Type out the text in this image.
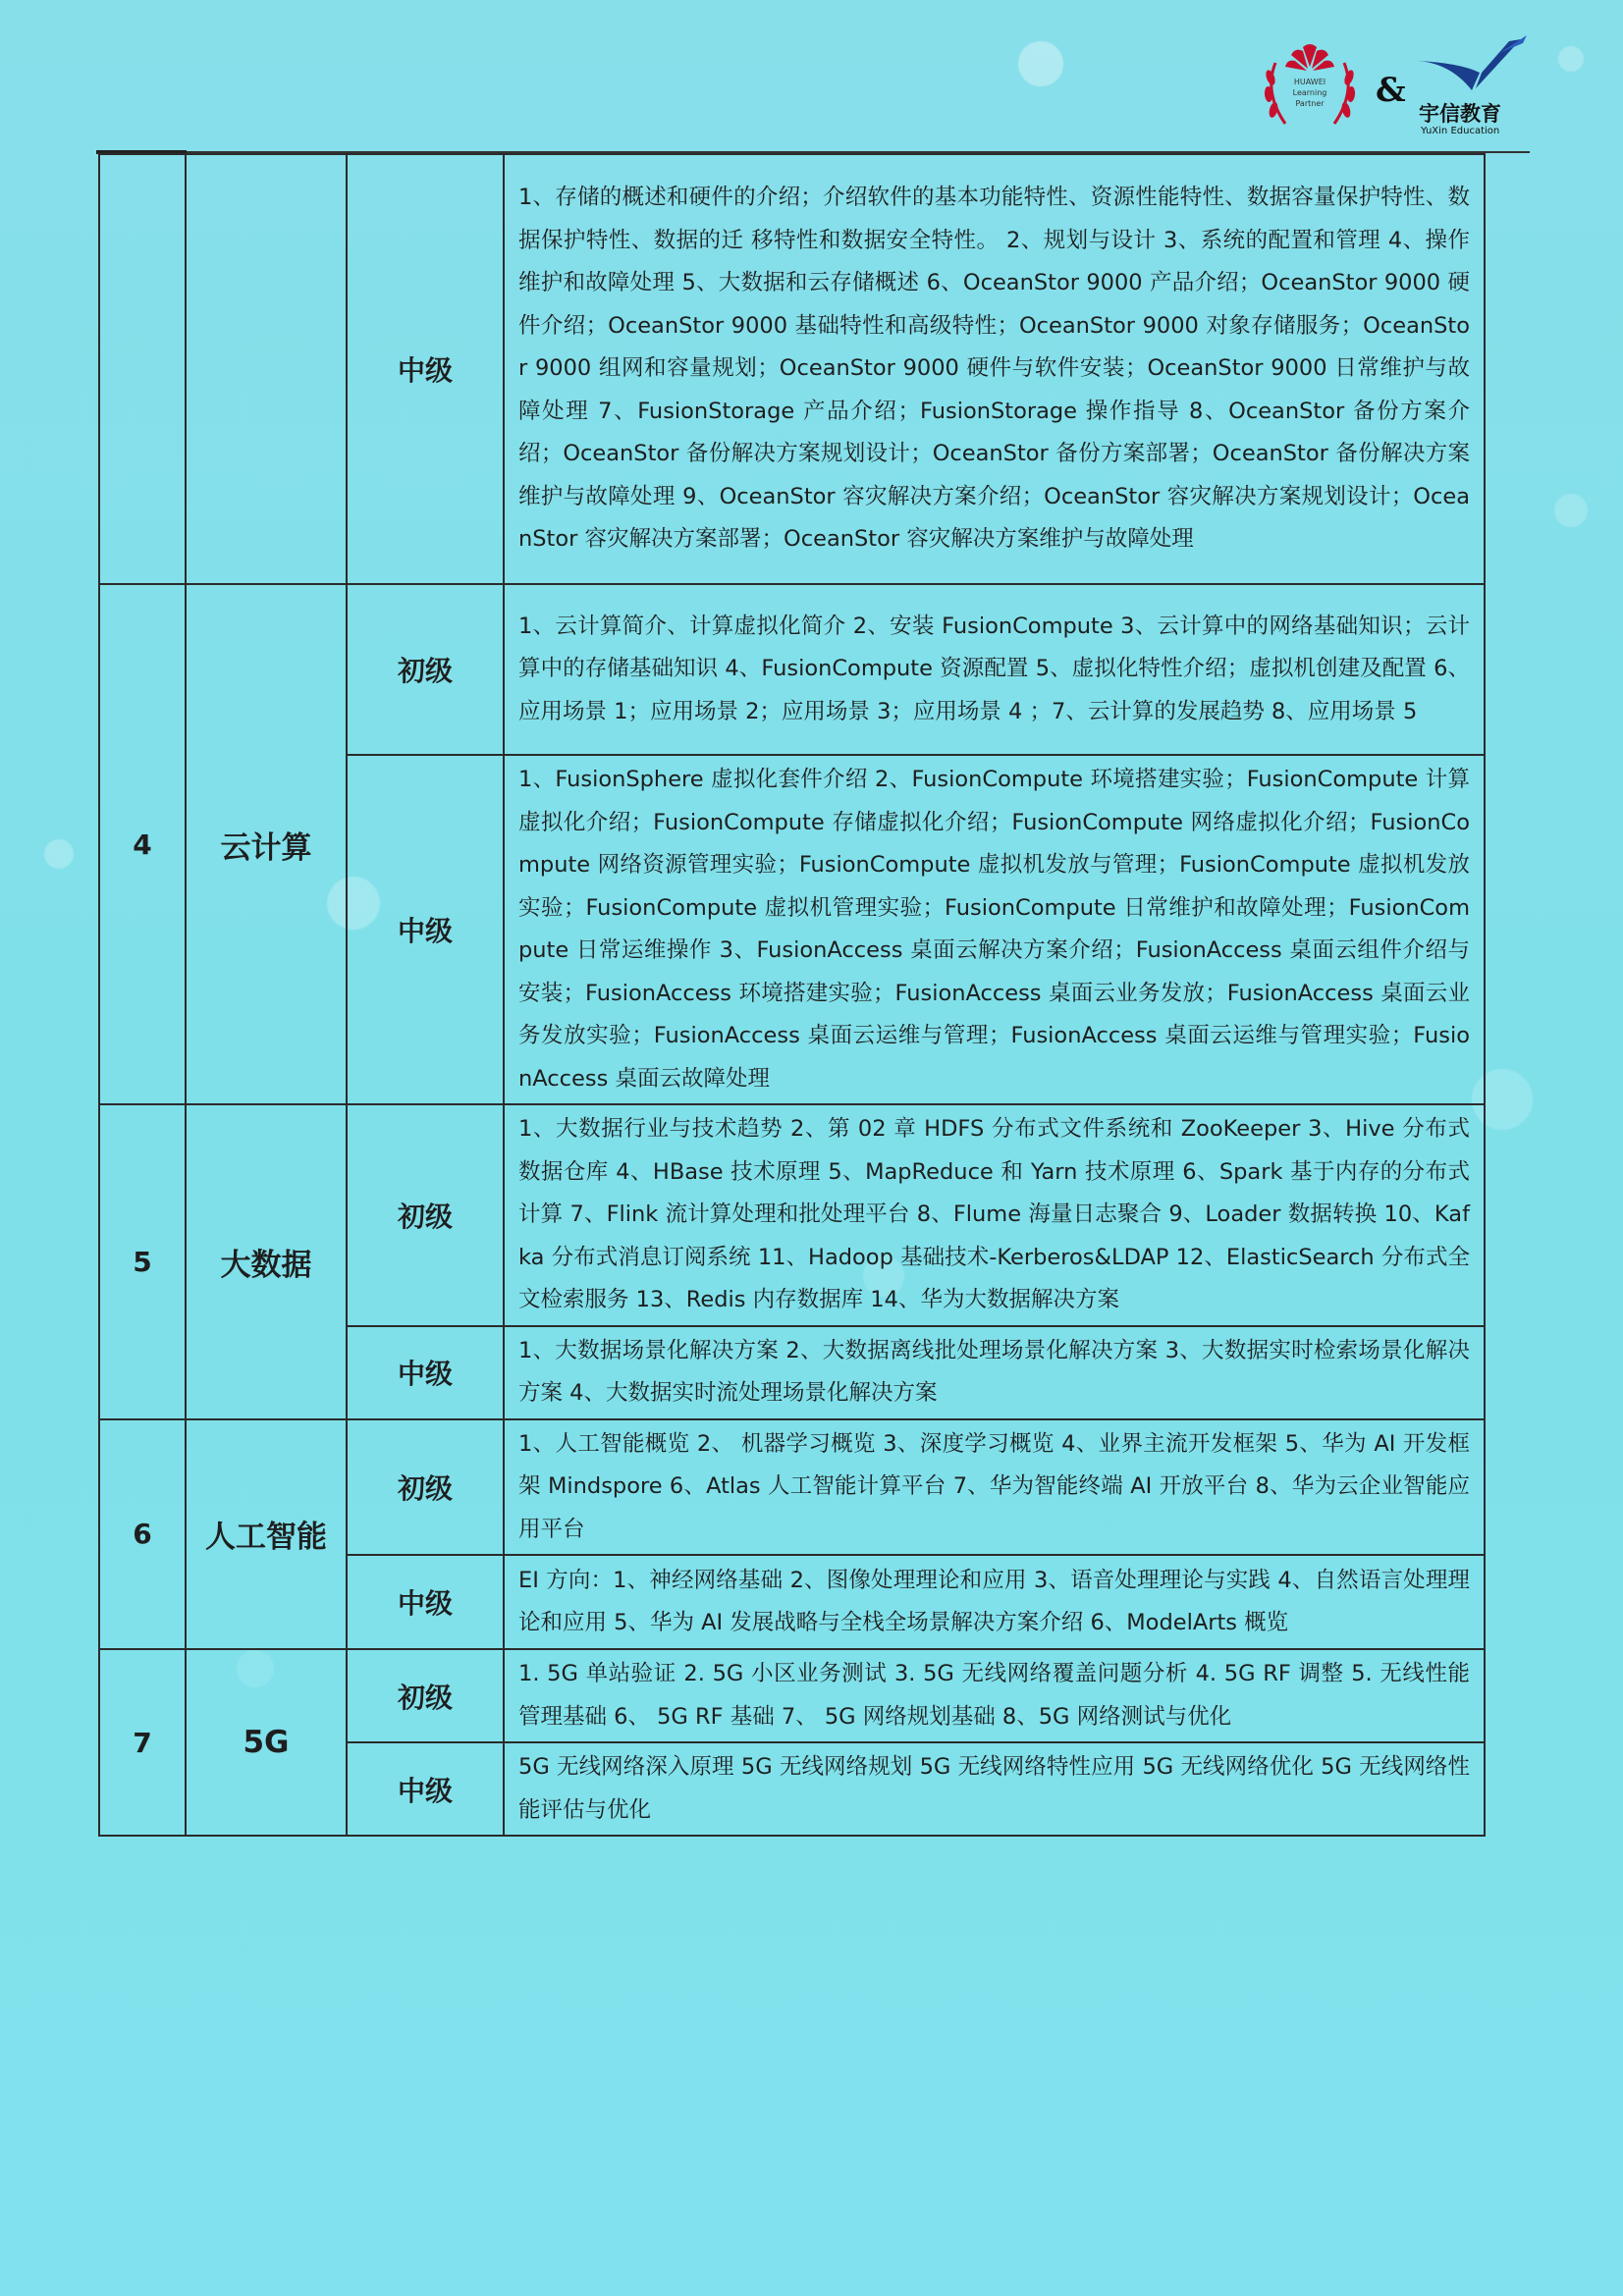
HUAWEI
Learning
Partner &
宇信教育
YuXin Education
		中级	1、存储的概述和硬件的介绍；介绍软件的基本功能特性、资源性能特性、数据容量保护特性、数据保护特性、数据的迁 移特性和数据安全特性。 2、规划与设计 3、系统的配置和管理 4、操作维护和故障处理 5、大数据和云存储概述 6、OceanStor 9000 产品介绍；OceanStor 9000 硬件介绍；OceanStor 9000 基础特性和高级特性；OceanStor 9000 对象存储服务；OceanStor 9000 组网和容量规划；OceanStor 9000 硬件与软件安装；OceanStor 9000 日常维护与故障处理 7、FusionStorage 产品介绍；FusionStorage 操作指导 8、OceanStor 备份方案介绍；OceanStor 备份解决方案规划设计；OceanStor 备份方案部署；OceanStor 备份解决方案维护与故障处理 9、OceanStor 容灾解决方案介绍；OceanStor 容灾解决方案规划设计；OceanStor 容灾解决方案部署；OceanStor 容灾解决方案维护与故障处理
4	云计算	初级	1、云计算简介、计算虚拟化简介 2、安装 FusionCompute 3、云计算中的网络基础知识；云计算中的存储基础知识 4、FusionCompute 资源配置 5、虚拟化特性介绍；虚拟机创建及配置 6、应用场景 1；应用场景 2；应用场景 3；应用场景 4 ；7、云计算的发展趋势 8、应用场景 5
		中级	1、FusionSphere 虚拟化套件介绍 2、FusionCompute 环境搭建实验；FusionCompute 计算虚拟化介绍；FusionCompute 存储虚拟化介绍；FusionCompute 网络虚拟化介绍；FusionCompute 网络资源管理实验；FusionCompute 虚拟机发放与管理；FusionCompute 虚拟机发放实验；FusionCompute 虚拟机管理实验；FusionCompute 日常维护和故障处理；FusionCompute 日常运维操作 3、FusionAccess 桌面云解决方案介绍；FusionAccess 桌面云组件介绍与安装；FusionAccess 环境搭建实验；FusionAccess 桌面云业务发放；FusionAccess 桌面云业务发放实验；FusionAccess 桌面云运维与管理；FusionAccess 桌面云运维与管理实验；FusionAccess 桌面云故障处理
5	大数据	初级	1、大数据行业与技术趋势 2、第 02 章 HDFS 分布式文件系统和 ZooKeeper 3、Hive 分布式数据仓库 4、HBase 技术原理 5、MapReduce 和 Yarn 技术原理 6、Spark 基于内存的分布式计算 7、Flink 流计算处理和批处理平台 8、Flume 海量日志聚合 9、Loader 数据转换 10、Kafka 分布式消息订阅系统 11、Hadoop 基础技术-Kerberos&LDAP 12、ElasticSearch 分布式全文检索服务 13、Redis 内存数据库 14、华为大数据解决方案
		中级	1、大数据场景化解决方案 2、大数据离线批处理场景化解决方案 3、大数据实时检索场景化解决方案 4、大数据实时流处理场景化解决方案
6	人工智能	初级	1、人工智能概览 2、 机器学习概览 3、深度学习概览 4、业界主流开发框架 5、华为 AI 开发框架 Mindspore 6、Atlas 人工智能计算平台 7、华为智能终端 AI 开放平台 8、华为云企业智能应用平台
		中级	EI 方向：1、神经网络基础 2、图像处理理论和应用 3、语音处理理论与实践 4、自然语言处理理论和应用 5、华为 AI 发展战略与全栈全场景解决方案介绍 6、ModelArts 概览
7	5G	初级	1. 5G 单站验证 2. 5G 小区业务测试 3. 5G 无线网络覆盖问题分析 4. 5G RF 调整 5. 无线性能管理基础 6、 5G RF 基础 7、 5G 网络规划基础 8、5G 网络测试与优化
		中级	5G 无线网络深入原理 5G 无线网络规划 5G 无线网络特性应用 5G 无线网络优化 5G 无线网络性能评估与优化
